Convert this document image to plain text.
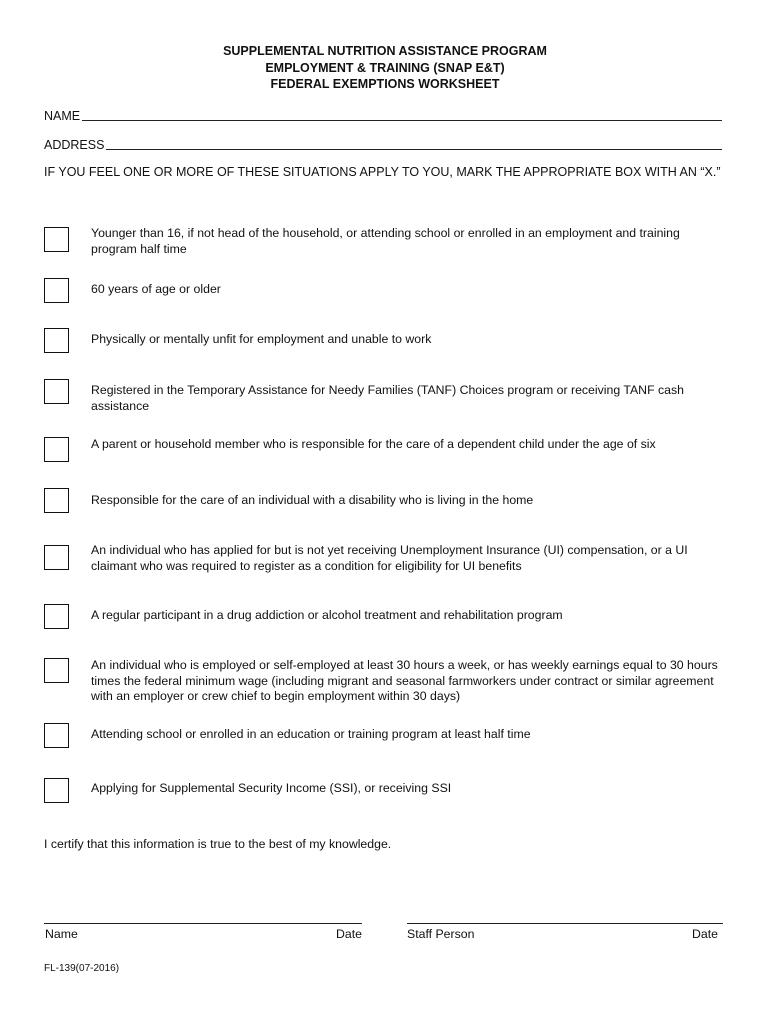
SUPPLEMENTAL NUTRITION ASSISTANCE PROGRAM
EMPLOYMENT & TRAINING (SNAP E&T)
FEDERAL EXEMPTIONS WORKSHEET
NAME
ADDRESS
IF YOU FEEL ONE OR MORE OF THESE SITUATIONS APPLY TO YOU, MARK THE APPROPRIATE BOX WITH AN “X.”
Younger than 16, if not head of the household, or attending school or enrolled in an employment and training program half time
60 years of age or older
Physically or mentally unfit for employment and unable to work
Registered in the Temporary Assistance for Needy Families (TANF) Choices program or receiving TANF cash assistance
A parent or household member who is responsible for the care of a dependent child under the age of six
Responsible for the care of an individual with a disability who is living in the home
An individual who has applied for but is not yet receiving Unemployment Insurance (UI) compensation, or a UI claimant who was required to register as a condition for eligibility for UI benefits
A regular participant in a drug addiction or alcohol treatment and rehabilitation program
An individual who is employed or self-employed at least 30 hours a week, or has weekly earnings equal to 30 hours times the federal minimum wage (including migrant and seasonal farmworkers under contract or similar agreement with an employer or crew chief to begin employment within 30 days)
Attending school or enrolled in an education or training program at least half time
Applying for Supplemental Security Income (SSI), or receiving SSI
I certify that this information is true to the best of my knowledge.
Name	Date	Staff Person	Date
FL-139(07-2016)
